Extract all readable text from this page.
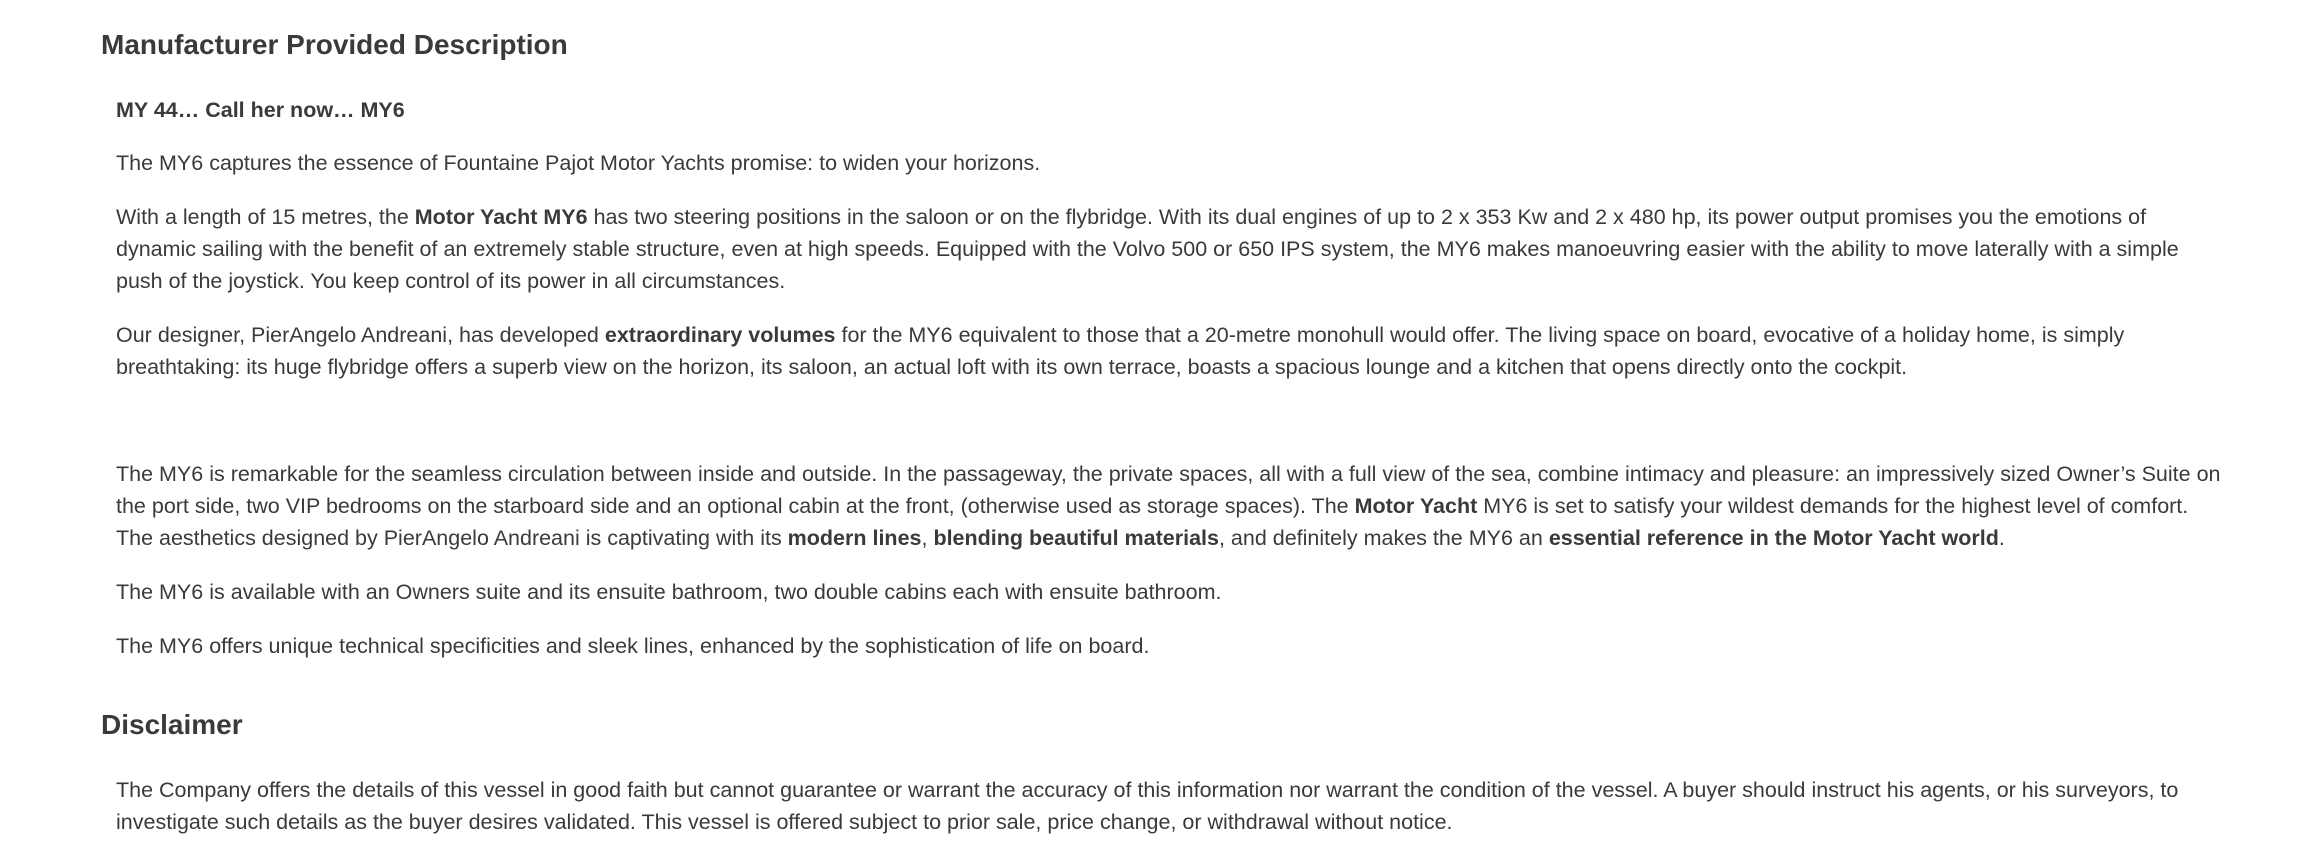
Manufacturer Provided Description

MY 44… Call her now… MY6

The MY6 captures the essence of Fountaine Pajot Motor Yachts promise: to widen your horizons.

With a length of 15 metres, the Motor Yacht MY6 has two steering positions in the saloon or on the flybridge. With its dual engines of up to 2 x 353 Kw and 2 x 480 hp, its power output promises you the emotions of dynamic sailing with the benefit of an extremely stable structure, even at high speeds. Equipped with the Volvo 500 or 650 IPS system, the MY6 makes manoeuvring easier with the ability to move laterally with a simple push of the joystick. You keep control of its power in all circumstances.

Our designer, PierAngelo Andreani, has developed extraordinary volumes for the MY6 equivalent to those that a 20-metre monohull would offer. The living space on board, evocative of a holiday home, is simply breathtaking: its huge flybridge offers a superb view on the horizon, its saloon, an actual loft with its own terrace, boasts a spacious lounge and a kitchen that opens directly onto the cockpit.

The MY6 is remarkable for the seamless circulation between inside and outside. In the passageway, the private spaces, all with a full view of the sea, combine intimacy and pleasure: an impressively sized Owner’s Suite on the port side, two VIP bedrooms on the starboard side and an optional cabin at the front, (otherwise used as storage spaces). The Motor Yacht MY6 is set to satisfy your wildest demands for the highest level of comfort. The aesthetics designed by PierAngelo Andreani is captivating with its modern lines, blending beautiful materials, and definitely makes the MY6 an essential reference in the Motor Yacht world.

The MY6 is available with an Owners suite and its ensuite bathroom, two double cabins each with ensuite bathroom.

The MY6 offers unique technical specificities and sleek lines, enhanced by the sophistication of life on board.

Disclaimer

The Company offers the details of this vessel in good faith but cannot guarantee or warrant the accuracy of this information nor warrant the condition of the vessel. A buyer should instruct his agents, or his surveyors, to investigate such details as the buyer desires validated. This vessel is offered subject to prior sale, price change, or withdrawal without notice.
